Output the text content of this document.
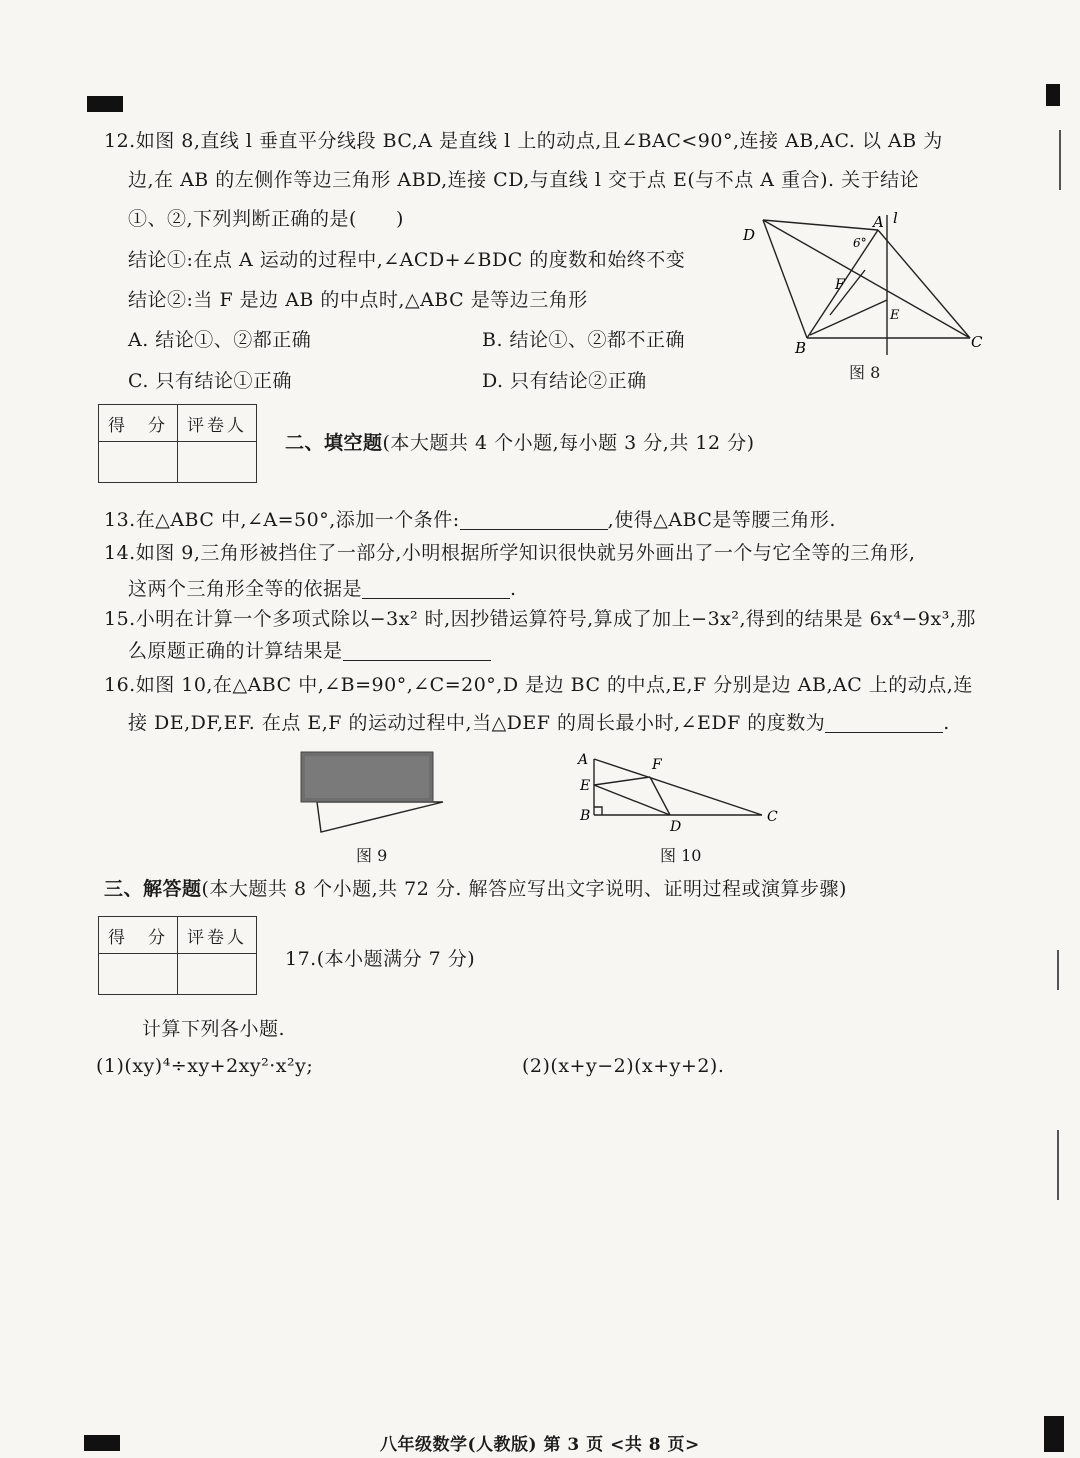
12.如图 8,直线 l 垂直平分线段 BC,A 是直线 l 上的动点,且∠BAC<90°,连接 AB,AC. 以 AB 为
边,在 AB 的左侧作等边三角形 ABD,连接 CD,与直线 l 交于点 E(与不点 A 重合). 关于结论
①、②,下列判断正确的是(　　)
结论①:在点 A 运动的过程中,∠ACD+∠BDC 的度数和始终不变
结论②:当 F 是边 AB 的中点时,△ABC 是等边三角形
A. 结论①、②都正确	B. 结论①、②都不正确
C. 只有结论①正确	D. 只有结论②正确
A l
D	6°
F
E
B	C
图 8
得　分	评卷人

二、填空题(本大题共 4 个小题,每小题 3 分,共 12 分)
13.在△ABC 中,∠A=50°,添加一个条件:	,使得△ABC是等腰三角形.
14.如图 9,三角形被挡住了一部分,小明根据所学知识很快就另外画出了一个与它全等的三角形,
这两个三角形全等的依据是	.
15.小明在计算一个多项式除以−3x² 时,因抄错运算符号,算成了加上−3x²,得到的结果是 6x⁴−9x³,那
么原题正确的计算结果是
16.如图 10,在△ABC 中,∠B=90°,∠C=20°,D 是边 BC 的中点,E,F 分别是边 AB,AC 上的动点,连
接 DE,DF,EF. 在点 E,F 的运动过程中,当△DEF 的周长最小时,∠EDF 的度数为	.
图 9
A
E
B
F
D
C
图 10
三、解答题(本大题共 8 个小题,共 72 分. 解答应写出文字说明、证明过程或演算步骤)
得　分	评卷人

17.(本小题满分 7 分)
计算下列各小题.
(1)(xy)⁴÷xy+2xy²·x²y;	(2)(x+y−2)(x+y+2).
八年级数学(人教版) 第 3 页 <共 8 页>
